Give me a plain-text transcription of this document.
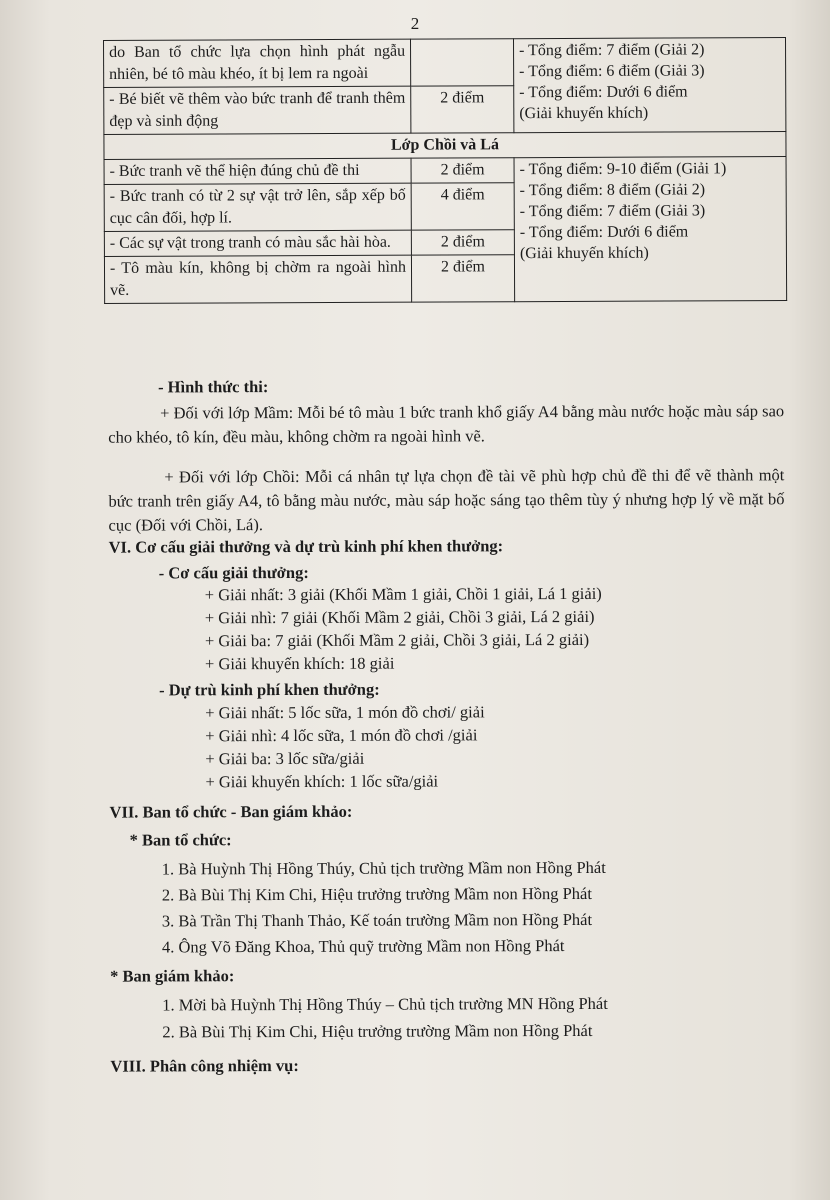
2
do Ban tổ chức lựa chọn hình phát ngẫu nhiên, bé tô màu khéo, ít bị lem ra ngoài		- Tổng điểm: 7 điểm (Giải 2)
- Tổng điểm: 6 điểm (Giải 3)
- Tổng điểm: Dưới 6 điểm
(Giải khuyến khích)

- Bé biết vẽ thêm vào bức tranh để tranh thêm đẹp và sinh động	2 điểm	
Lớp Chồi và Lá		
- Bức tranh vẽ thể hiện đúng chủ đề thi	2 điểm	- Tổng điểm: 9-10 điểm (Giải 1)
- Tổng điểm: 8 điểm (Giải 2)
- Tổng điểm: 7 điểm (Giải 3)
- Tổng điểm: Dưới 6 điểm
(Giải khuyến khích)

- Bức tranh có từ 2 sự vật trở lên, sắp xếp bố cục cân đối, hợp lí.	4 điểm	
- Các sự vật trong tranh có màu sắc hài hòa.	2 điểm	
- Tô màu kín, không bị chờm ra ngoài hình vẽ.	2 điểm	
- Hình thức thi:
+ Đối với lớp Mầm: Mỗi bé tô màu 1 bức tranh khổ giấy A4 bằng màu nước hoặc màu sáp sao cho khéo, tô kín, đều màu, không chờm ra ngoài hình vẽ.
+ Đối với lớp Chồi: Mỗi cá nhân tự lựa chọn đề tài vẽ phù hợp chủ đề thi để vẽ thành một bức tranh trên giấy A4, tô bằng màu nước, màu sáp hoặc sáng tạo thêm tùy ý nhưng hợp lý về mặt bố cục (Đối với Chồi, Lá).
VI. Cơ cấu giải thưởng và dự trù kinh phí khen thưởng:
- Cơ cấu giải thưởng:
+ Giải nhất: 3 giải (Khối Mầm 1 giải, Chồi 1 giải, Lá 1 giải)
+ Giải nhì: 7 giải (Khối Mầm 2 giải, Chồi 3 giải, Lá 2 giải)
+ Giải ba: 7 giải (Khối Mầm 2 giải, Chồi 3 giải, Lá 2 giải)
+ Giải khuyến khích: 18 giải
- Dự trù kinh phí khen thưởng:
+ Giải nhất: 5 lốc sữa, 1 món đồ chơi/ giải
+ Giải nhì: 4 lốc sữa, 1 món đồ chơi /giải
+ Giải ba: 3 lốc sữa/giải
+ Giải khuyến khích: 1 lốc sữa/giải
VII. Ban tổ chức - Ban giám khảo:
* Ban tổ chức:
1. Bà Huỳnh Thị Hồng Thúy, Chủ tịch trường Mầm non Hồng Phát
2. Bà Bùi Thị Kim Chi, Hiệu trưởng trường Mầm non Hồng Phát
3. Bà Trần Thị Thanh Thảo, Kế toán trường Mầm non Hồng Phát
4. Ông Võ Đăng Khoa, Thủ quỹ trường Mầm non Hồng Phát
* Ban giám khảo:
1. Mời bà Huỳnh Thị Hồng Thúy – Chủ tịch trường MN Hồng Phát
2. Bà Bùi Thị Kim Chi, Hiệu trưởng trường Mầm non Hồng Phát
VIII. Phân công nhiệm vụ:
